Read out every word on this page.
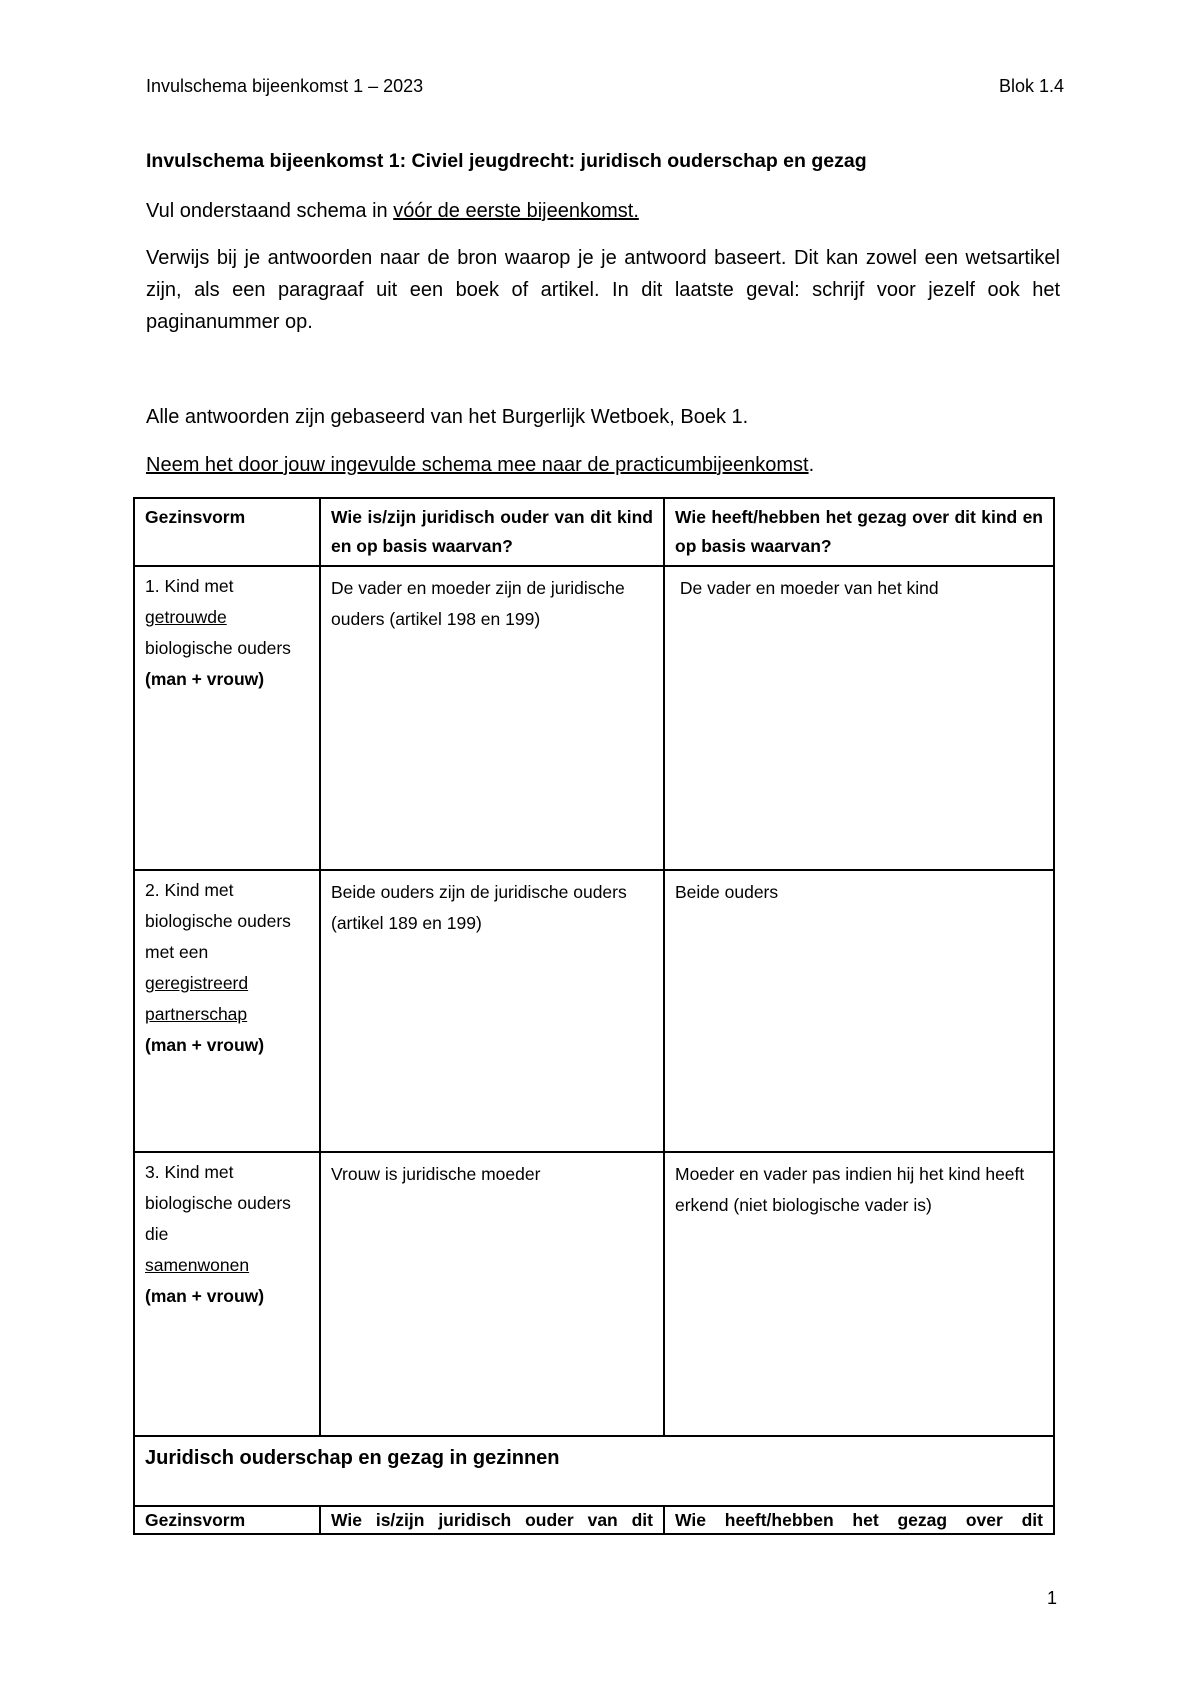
Invulschema bijeenkomst 1 – 2023	Blok 1.4
Invulschema bijeenkomst 1: Civiel jeugdrecht: juridisch ouderschap en gezag
Vul onderstaand schema in vóór de eerste bijeenkomst.
Verwijs bij je antwoorden naar de bron waarop je je antwoord baseert. Dit kan zowel een wetsartikel zijn, als een paragraaf uit een boek of artikel. In dit laatste geval: schrijf voor jezelf ook het paginanummer op.
Alle antwoorden zijn gebaseerd van het Burgerlijk Wetboek, Boek 1.
Neem het door jouw ingevulde schema mee naar de practicumbijeenkomst.
Gezinsvorm	Wie is/zijn juridisch ouder van dit kind en op basis waarvan?	Wie heeft/hebben het gezag over dit kind en op basis waarvan?
1. Kind met
getrouwde
biologische ouders
(man + vrouw)	De vader en moeder zijn de juridische ouders (artikel 198 en 199)	De vader en moeder van het kind
2. Kind met
biologische ouders met een
geregistreerd partnerschap
(man + vrouw)	Beide ouders zijn de juridische ouders (artikel 189 en 199)	Beide ouders
3. Kind met
biologische ouders die
samenwonen
(man + vrouw)	Vrouw is juridische moeder	Moeder en vader pas indien hij het kind heeft erkend (niet biologische vader is)
Juridisch ouderschap en gezag in gezinnen		
Gezinsvorm	Wie is/zijn juridisch ouder van dit	Wie heeft/hebben het gezag over dit
1
